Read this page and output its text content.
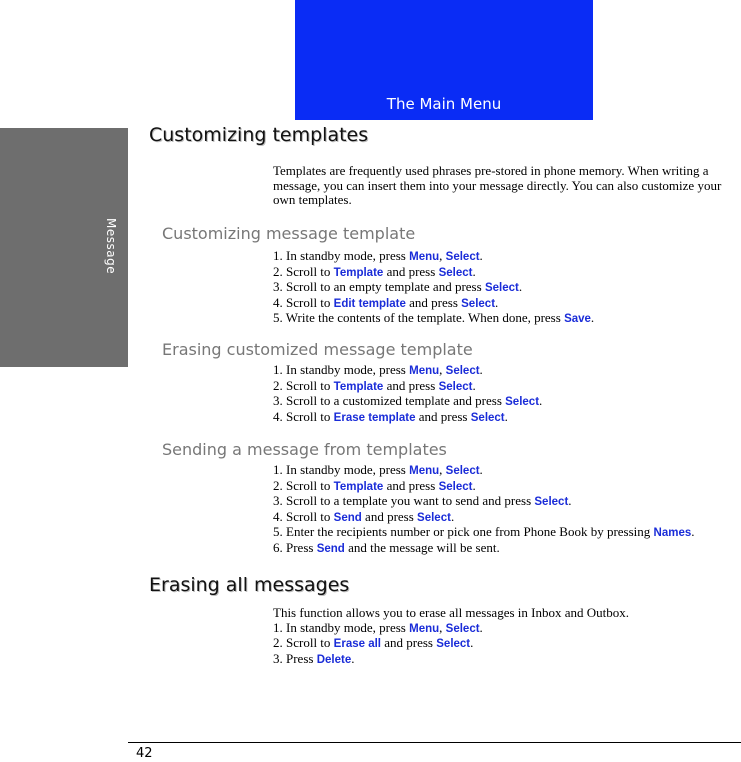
The Main Menu
Message
Customizing templates
Templates are frequently used phrases pre-stored in phone memory. When writing a message, you can insert them into your message directly. You can also customize your own templates.
Customizing message template

1. In standby mode, press Menu, Select.

2. Scroll to Template and press Select.

3. Scroll to an empty template and press Select.

4. Scroll to Edit template and press Select.

5. Write the contents of the template. When done, press Save.

Erasing customized message template

1. In standby mode, press Menu, Select.

2. Scroll to Template and press Select.

3. Scroll to a customized template and press Select.

4. Scroll to Erase template and press Select.

Sending a message from templates

1. In standby mode, press Menu, Select.

2. Scroll to Template and press Select.

3. Scroll to a template you want to send and press Select.

4. Scroll to Send and press Select.

5. Enter the recipients number or pick one from Phone Book by pressing Names.

6. Press Send and the message will be sent.

Erasing all messages

This function allows you to erase all messages in Inbox and Outbox.

1. In standby mode, press Menu, Select.

2. Scroll to Erase all and press Select.

3. Press Delete.

42
